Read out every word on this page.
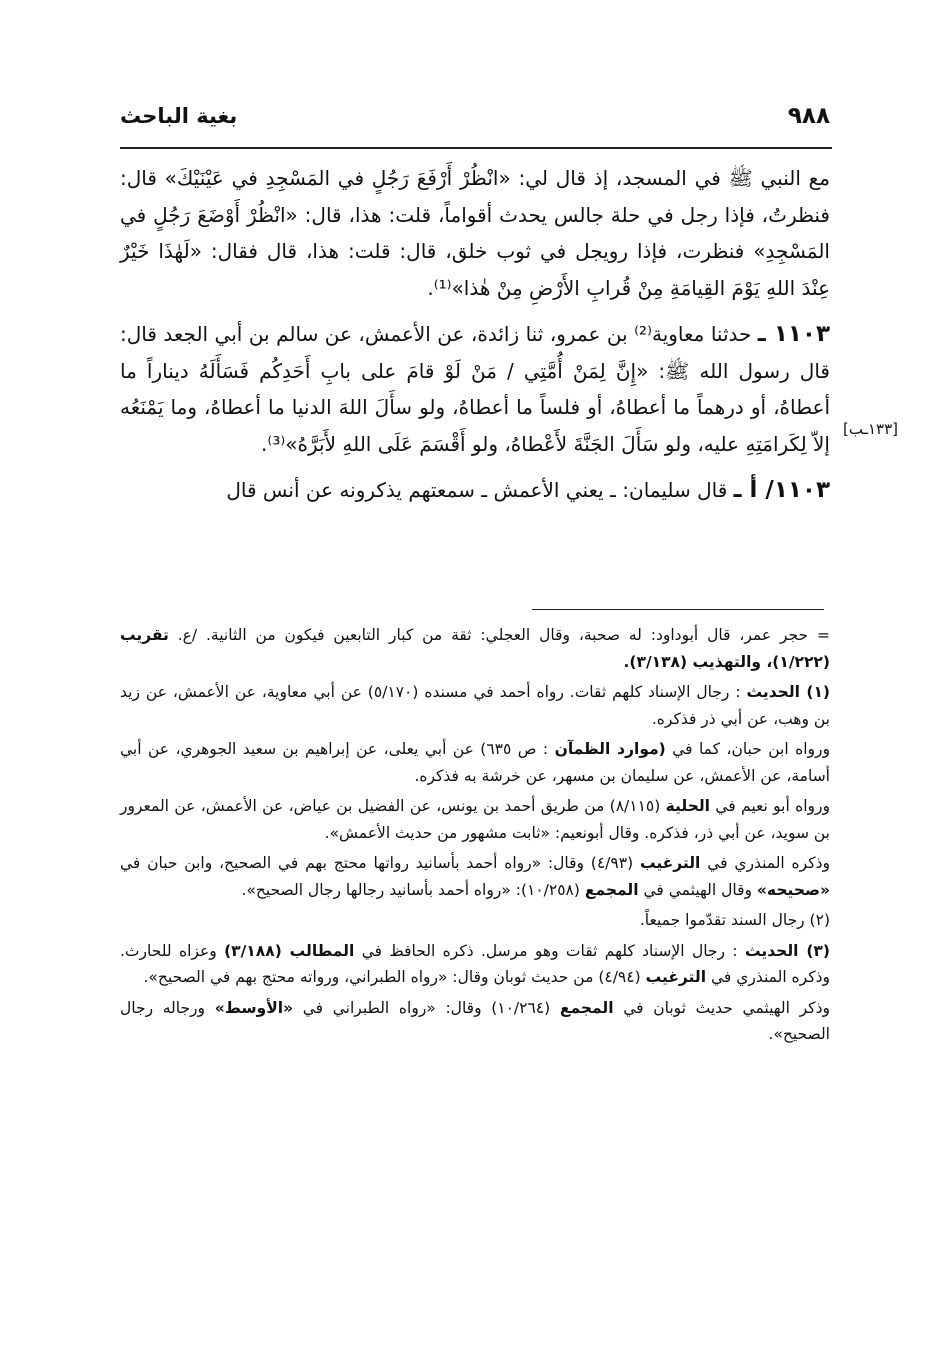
٩٨٨
بغية الباحث

مع النبي ﷺ في المسجد، إذ قال لي: «انْظُرْ أَرْفَعَ رَجُلٍ في المَسْجِدِ في عَيْنَيْكَ» قال: فنظرتُ، فإذا رجل في حلة جالس يحدث أقواماً، قلت: هذا، قال: «انْظُرْ أَوْضَعَ رَجُلٍ في المَسْجِدِ» فنظرت، فإذا رويجل في ثوب خلق، قال: قلت: هذا، قال فقال: «لَهٰذَا خَيْرٌ عِنْدَ اللهِ يَوْمَ القِيامَةِ مِنْ قُرابِ الأَرْضِ مِنْ هٰذا»⁽¹⁾.

١١٠٣ ـ حدثنا معاوية⁽²⁾ بن عمرو، ثنا زائدة، عن الأعمش، عن سالم بن أبي الجعد قال: قال رسول الله ﷺ: «إِنَّ لِمَنْ أُمَّتِي / مَنْ لَوْ قامَ على بابِ أَحَدِكُم فَسَأَلَهُ ديناراً ما أعطاهُ، أو درهماً ما أعطاهُ، أو فلساً ما أعطاهُ، ولو سأَلَ اللهَ الدنيا ما أعطاهُ، وما يَمْنَعُه إلاّ لِكَرامَتِهِ عليه، ولو سَأَلَ الجَنَّةَ لأَعْطاهُ، ولو أَقْسَمَ عَلَى اللهِ لأَبَرَّهُ»⁽³⁾.

١١٠٣/ أ ـ قال سليمان: ـ يعني الأعمش ـ سمعتهم يذكرونه عن أنس قال

[١٣٣ـب]

= حجر عمر، قال أبوداود: له صحبة، وقال العجلي: ثقة من كبار التابعين فيكون من الثانية. /ع. تقريب (١/٢٢٢)، والتهذيب (٣/١٣٨).

(١) الحديث : رجال الإسناد كلهم ثقات. رواه أحمد في مسنده (٥/١٧٠) عن أبي معاوية، عن الأعمش، عن زيد بن وهب، عن أبي ذر فذكره.

ورواه ابن حبان، كما في (موارد الظمآن : ص ٦٣٥) عن أبي يعلى، عن إبراهيم بن سعيد الجوهري، عن أبي أسامة، عن الأعمش، عن سليمان بن مسهر، عن خرشة به فذكره.

ورواه أبو نعيم في الحلية (٨/١١٥) من طريق أحمد بن يونس، عن الفضيل بن عياض، عن الأعمش، عن المعرور بن سويد، عن أبي ذر، فذكره. وقال أبونعيم: «ثابت مشهور من حديث الأعمش».

وذكره المنذري في الترغيب (٤/٩٣) وقال: «رواه أحمد بأسانيد رواتها محتج بهم في الصحيح، وابن حبان في «صحيحه» وقال الهيثمي في المجمع (١٠/٢٥٨): «رواه أحمد بأسانيد رجالها رجال الصحيح».

(٢) رجال السند تقدّموا جميعاً.

(٣) الحديث : رجال الإسناد كلهم ثقات وهو مرسل. ذكره الحافظ في المطالب (٣/١٨٨) وعزاه للحارث. وذكره المنذري في الترغيب (٤/٩٤) من حديث ثوبان وقال: «رواه الطبراني، ورواته محتج بهم في الصحيح».

وذكر الهيثمي حديث ثوبان في المجمع (١٠/٢٦٤) وقال: «رواه الطبراني في «الأوسط» ورجاله رجال الصحيح».
